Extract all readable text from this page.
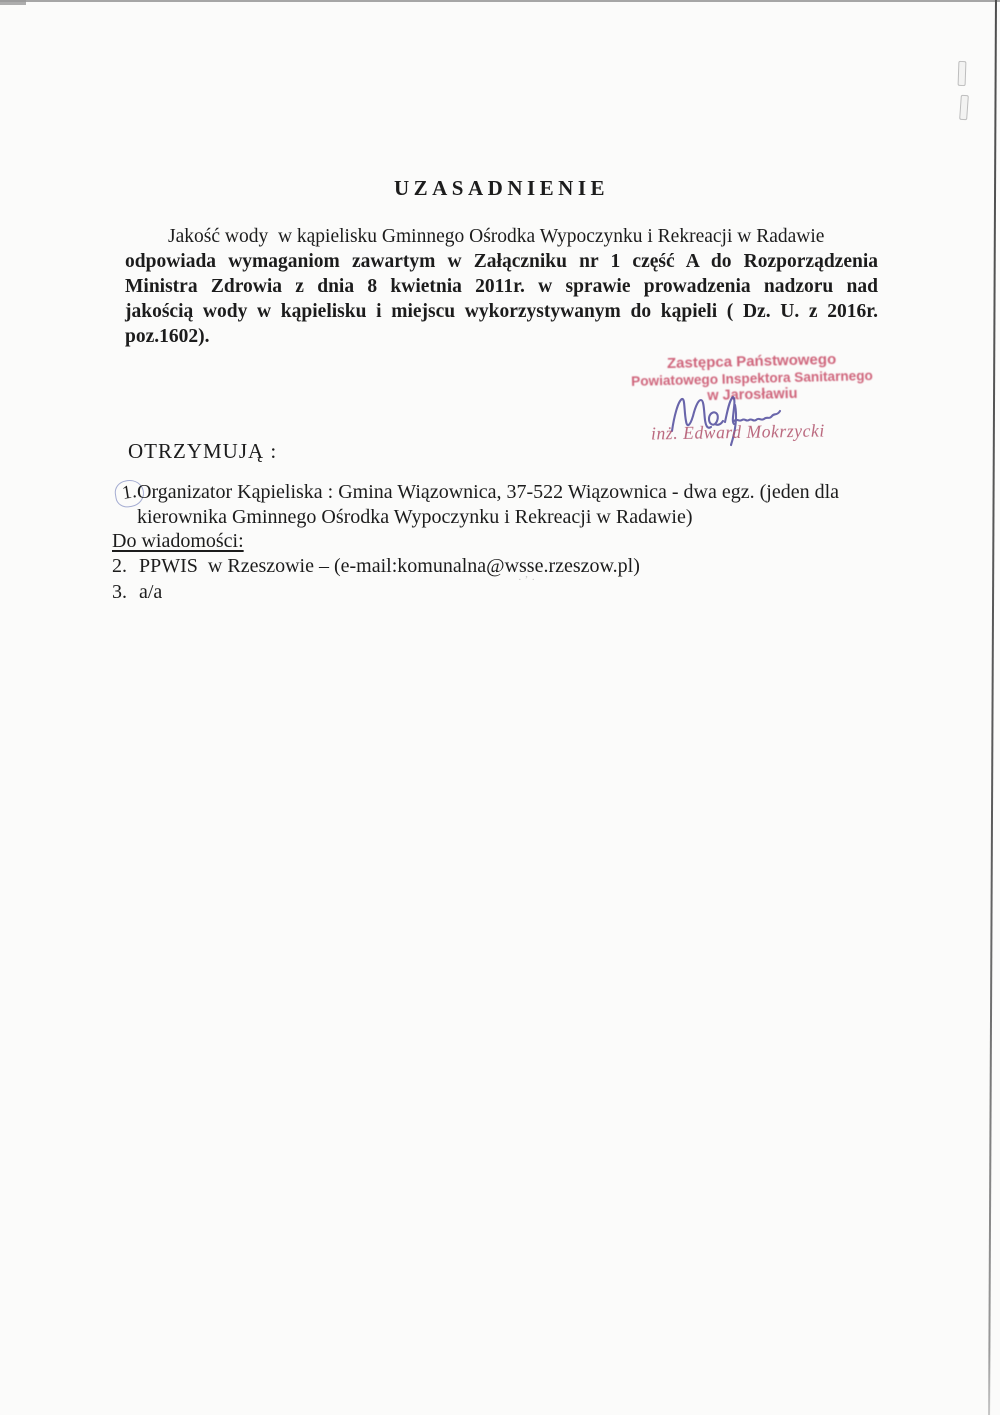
·’·
UZASADNIENIE
Jakość wody  w kąpielisku Gminnego Ośrodka Wypoczynku i Rekreacji w Radawie
odpowiada wymaganiom zawartym w Załączniku nr 1 część A do Rozporządzenia
Ministra Zdrowia z dnia 8 kwietnia 2011r. w sprawie prowadzenia nadzoru nad
jakością wody w kąpielisku i miejscu wykorzystywanym do kąpieli ( Dz. U. z 2016r.
poz.1602).
Zastępca Państwowego
Powiatowego Inspektora Sanitarnego
w Jarosławiu
inż. Edward Mokrzycki
OTRZYMUJĄ :
1.
Organizator Kąpieliska : Gmina Wiązownica, 37-522 Wiązownica - dwa egz. (jeden dla
kierownika Gminnego Ośrodka Wypoczynku i Rekreacji w Radawie)
Do wiadomości:
2. PPWIS  w Rzeszowie – (e-mail:komunalna@wsse.rzeszow.pl)
3. a/a
